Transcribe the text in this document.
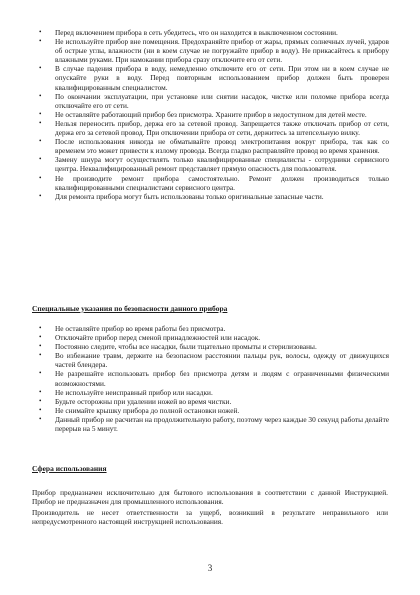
• Перед включением прибора в сеть убедитесь, что он находится в выключенном состоянии.
• Не используйте прибор вне помещения. Предохраняйте прибор от жары, прямых солнечных лучей, ударов об острые углы, влажности (ни в коем случае не погружайте прибор в воду). Не прикасайтесь к прибору влажными руками. При намокании прибора сразу отключите его от сети.
• В случае падения прибора в воду, немедленно отключите его от сети. При этом ни в коем случае не опускайте руки в воду. Перед повторным использованием прибор должен быть проверен квалифицированным специалистом.
• По окончании эксплуатации, при установке или снятии насадок, чистке или поломке прибора всегда отключайте его от сети.
• Не оставляйте работающий прибор без присмотра. Храните прибор в недоступном для детей месте.
• Нельзя переносить прибор, держа его за сетевой провод. Запрещается также отключать прибор от сети, держа его за сетевой провод. При отключении прибора от сети, держитесь за штепсельную вилку.
• После использования никогда не обматывайте провод электропитания вокруг прибора, так как со временем это может привести к излому провода. Всегда гладко расправляйте провод во время хранения.
• Замену шнура могут осуществлять только квалифицированные специалисты - сотрудники сервисного центра. Неквалифицированный ремонт представляет прямую опасность для пользователя.
• Не производите ремонт прибора самостоятельно. Ремонт должен производиться только квалифицированными специалистами сервисного центра.
• Для ремонта прибора могут быть использованы только оригинальные запасные части.
Специальные указания по безопасности данного прибора
• Не оставляйте прибор во время работы без присмотра.
• Отключайте прибор перед сменой принадлежностей или насадок.
• Постоянно следите, чтобы все насадки, были тщательно промыты и стерилизованы.
• Во избежание травм, держите на безопасном расстоянии пальцы рук, волосы, одежду от движущихся частей блендера.
• Не разрешайте использовать прибор без присмотра детям и людям с ограниченными физическими возможностями.
• Не используйте неисправный прибор или насадки.
• Будьте осторожны при удалении ножей во время чистки.
• Не снимайте крышку прибора до полной остановки ножей.
• Данный прибор не расчитан на продолжительную работу, поэтому через каждые 30 секунд работы делайте перерыв на 5 минут.
Сфера использования

Прибор предназначен исключительно для бытового использования в соответствии с данной Инструкцией. Прибор не предназначен для промышленного использования.

Производитель не несет ответственности за ущерб, возникший в результате неправильного или непредусмотренного настоящей инструкцией использования.

3
